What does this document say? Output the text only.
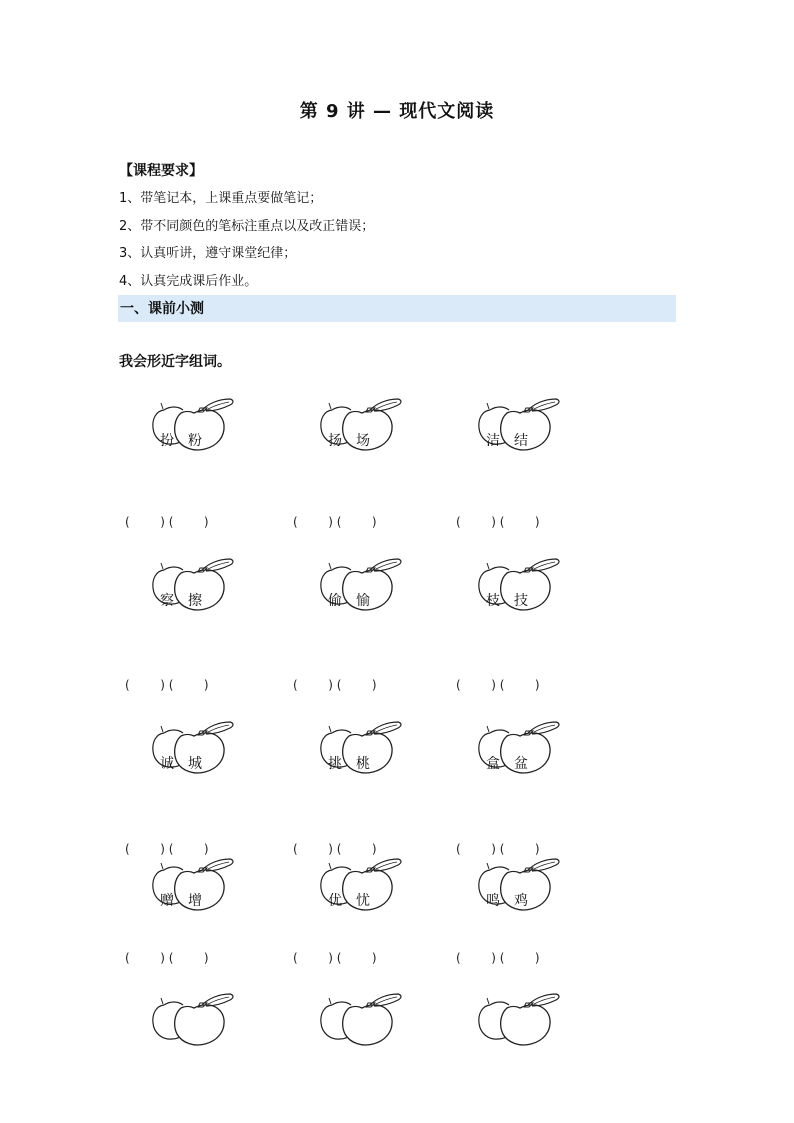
第 9 讲 — 现代文阅读
【课程要求】
1、带笔记本，上课重点要做笔记；
2、带不同颜色的笔标注重点以及改正错误；
3、认真听讲，遵守课堂纪律；
4、认真完成课后作业。
一、课前小测
我会形近字组词。
扮 粉
(        ) (        )
扬 场
(        ) (        )
洁 结
(        ) (        )
察 擦
(        ) (        )
偷 愉
(        ) (        )
枝 技
(        ) (        )
诚 城
(        ) (        )
挑 桃
(        ) (        )
盒 盆
(        ) (        )
赠 增
(        ) (        )
优 忧
(        ) (        )
鸣 鸡
(        ) (        )
